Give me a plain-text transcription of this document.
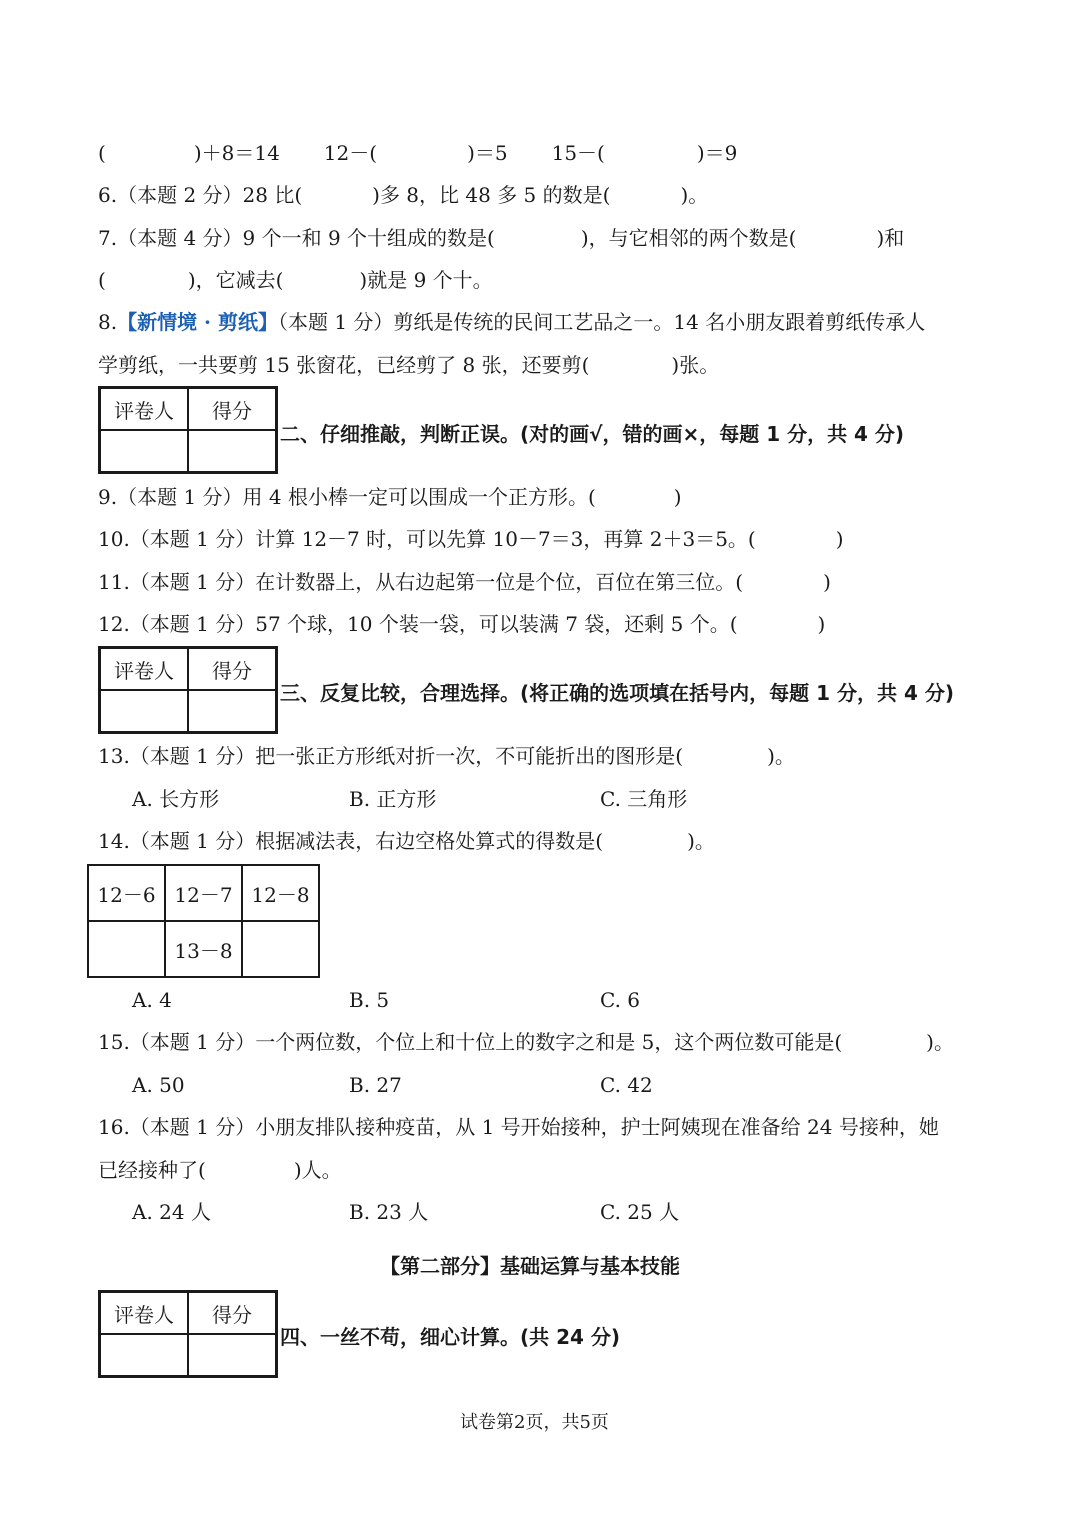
(	)＋8＝14 12－(	)＝5 15－(	)＝9
6.（本题 2 分）28 比(	)多 8，比 48 多 5 的数是(	)。
7.（本题 4 分）9 个一和 9 个十组成的数是(	)，与它相邻的两个数是(	)和
(	)，它减去(	)就是 9 个十。
8.【新情境 · 剪纸】（本题 1 分）剪纸是传统的民间工艺品之一。14 名小朋友跟着剪纸传承人
学剪纸，一共要剪 15 张窗花，已经剪了 8 张，还要剪(	)张。
评卷人	得分

二、仔细推敲，判断正误。(对的画√，错的画×，每题 1 分，共 4 分)
9.（本题 1 分）用 4 根小棒一定可以围成一个正方形。(	)
10.（本题 1 分）计算 12－7 时，可以先算 10－7＝3，再算 2＋3＝5。(	)
11.（本题 1 分）在计数器上，从右边起第一位是个位，百位在第三位。(	)
12.（本题 1 分）57 个球，10 个装一袋，可以装满 7 袋，还剩 5 个。(	)
评卷人	得分

三、反复比较，合理选择。(将正确的选项填在括号内，每题 1 分，共 4 分)
13.（本题 1 分）把一张正方形纸对折一次，不可能折出的图形是(	)。
A. 长方形	B. 正方形	C. 三角形
14.（本题 1 分）根据减法表，右边空格处算式的得数是(	)。
12－6	12－7	12－8
	13－8	
A. 4	B. 5	C. 6
15.（本题 1 分）一个两位数，个位上和十位上的数字之和是 5，这个两位数可能是(	)。
A. 50	B. 27	C. 42
16.（本题 1 分）小朋友排队接种疫苗，从 1 号开始接种，护士阿姨现在准备给 24 号接种，她
已经接种了(	)人。
A. 24 人	B. 23 人	C. 25 人
【第二部分】基础运算与基本技能
评卷人	得分

四、一丝不苟，细心计算。(共 24 分)
试卷第2页，共5页
